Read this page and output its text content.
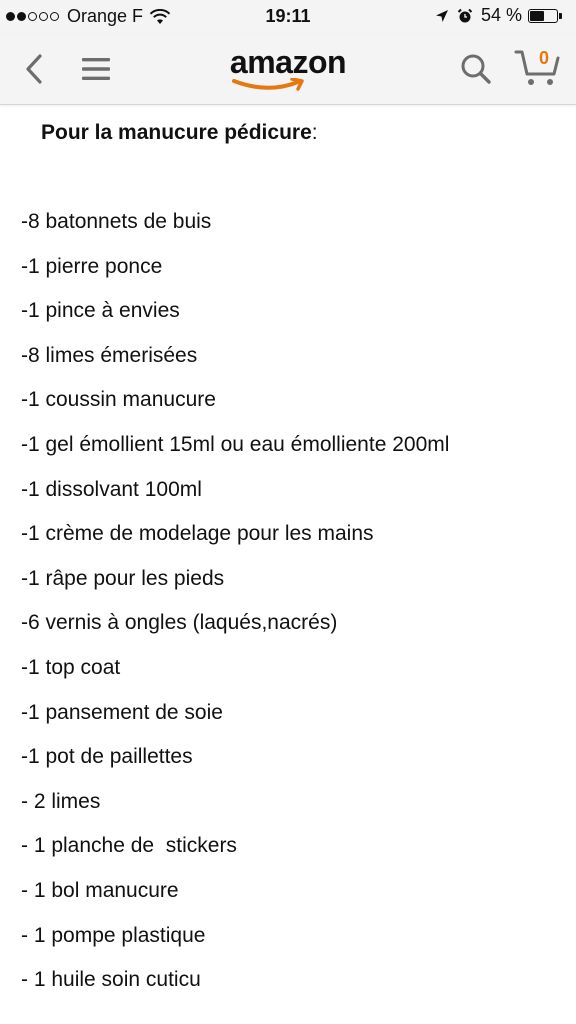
Orange F	19:11	54 %
amazon	0
Pour la manucure pédicure:
-8 batonnets de buis
-1 pierre ponce
-1 pince à envies
-8 limes émerisées
-1 coussin manucure
-1 gel émollient 15ml ou eau émolliente 200ml
-1 dissolvant 100ml
-1 crème de modelage pour les mains
-1 râpe pour les pieds
-6 vernis à ongles (laqués,nacrés)
-1 top coat
-1 pansement de soie
-1 pot de paillettes
- 2 limes
- 1 planche de  stickers
- 1 bol manucure
- 1 pompe plastique
- 1 huile soin cuticu
